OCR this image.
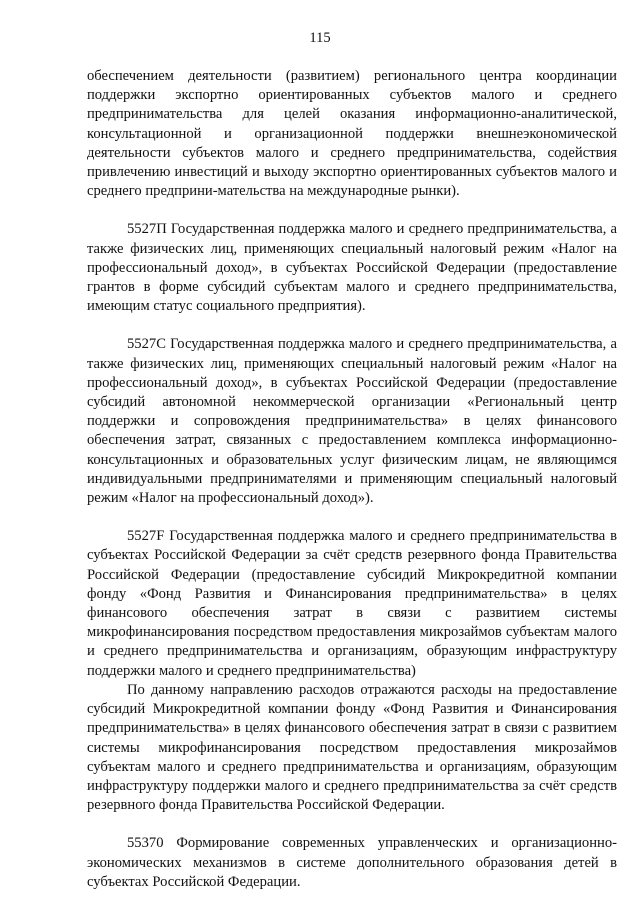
115

обеспечением деятельности (развитием) регионального центра координации поддержки экспортно ориентированных субъектов малого и среднего предпринимательства для целей оказания информационно-аналитической, консультационной и организационной поддержки внешнеэкономической деятельности субъектов малого и среднего предпринимательства, содействия привлечению инвестиций и выходу экспортно ориентированных субъектов малого и среднего предприни-мательства на международные рынки).

5527П Государственная поддержка малого и среднего предпринимательства, а также физических лиц, применяющих специальный налоговый режим «Налог на профессиональный доход», в субъектах Российской Федерации (предоставление грантов в форме субсидий субъектам малого и среднего предпринимательства, имеющим статус социального предприятия).

5527С Государственная поддержка малого и среднего предпринимательства, а также физических лиц, применяющих специальный налоговый режим «Налог на профессиональный доход», в субъектах Российской Федерации (предоставление субсидий автономной некоммерческой организации «Региональный центр поддержки и сопровождения предпринимательства» в целях финансового обеспечения затрат, связанных с предоставлением комплекса информационно-консультационных и образовательных услуг физическим лицам, не являющимся индивидуальными предпринимателями и применяющим специальный налоговый режим «Налог на профессиональный доход»).

5527F Государственная поддержка малого и среднего предпринимательства в субъектах Российской Федерации за счёт средств резервного фонда Правительства Российской Федерации (предоставление субсидий Микрокредитной компании фонду «Фонд Развития и Финансирования предпринимательства» в целях финансового обеспечения затрат в связи с развитием системы микрофинансирования посредством предоставления микрозаймов субъектам малого и среднего предпринимательства и организациям, образующим инфраструктуру поддержки малого и среднего предпринимательства)

По данному направлению расходов отражаются расходы на предоставление субсидий Микрокредитной компании фонду «Фонд Развития и Финансирования предпринимательства» в целях финансового обеспечения затрат в связи с развитием системы микрофинансирования посредством предоставления микрозаймов субъектам малого и среднего предпринимательства и организациям, образующим инфраструктуру поддержки малого и среднего предпринимательства за счёт средств резервного фонда Правительства Российской Федерации.

55370 Формирование современных управленческих и организационно-экономических механизмов в системе дополнительного образования детей в субъектах Российской Федерации.
